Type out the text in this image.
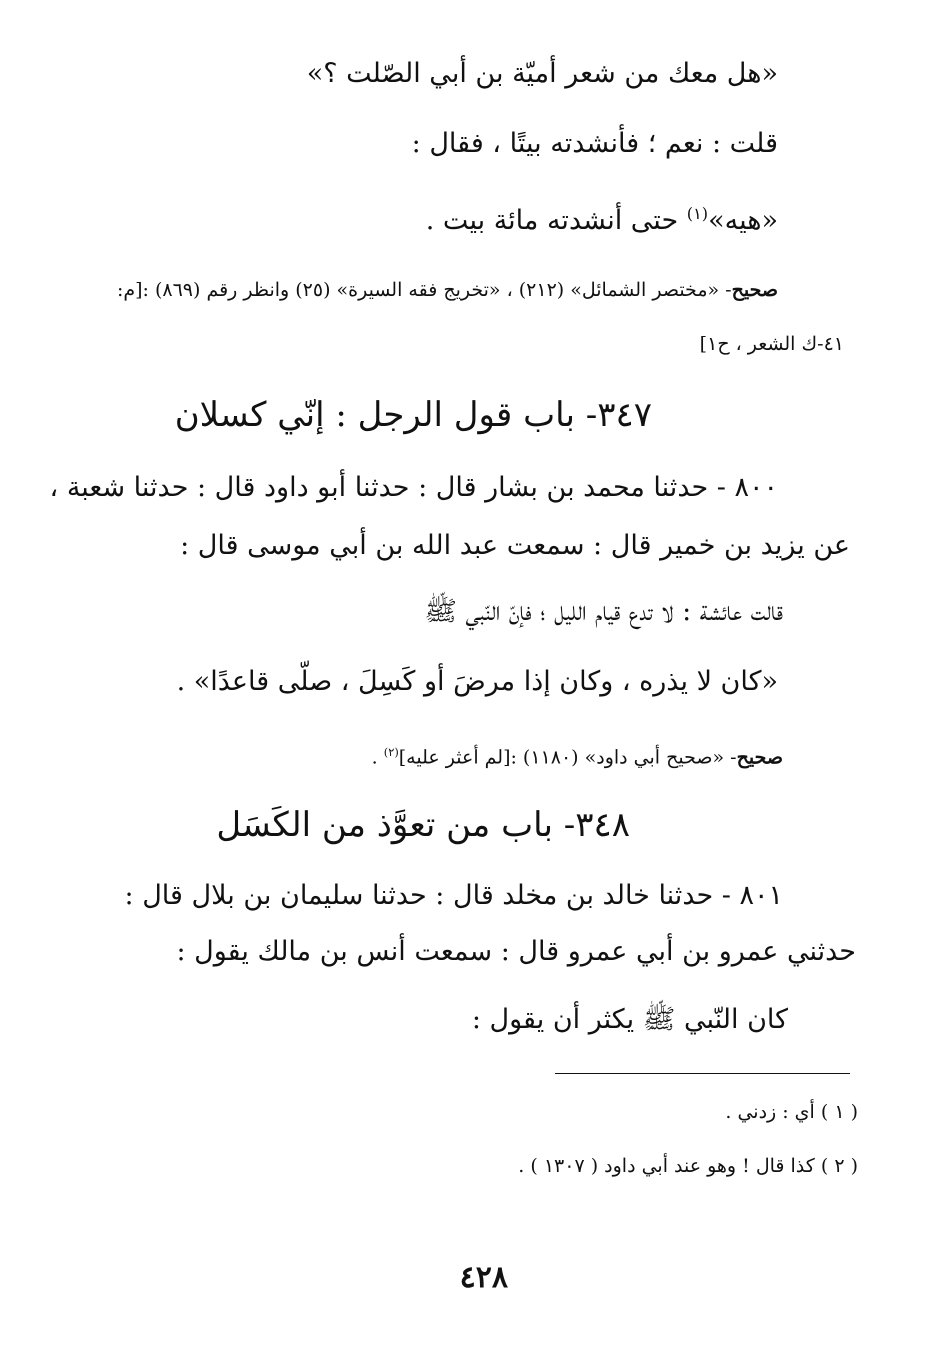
«هل معك من شعر أميّة بن أبي الصّلت ؟»
قلت : نعم ؛ فأنشدته بيتًا ، فقال :
«هيه»$^{(١)}$ حتى أنشدته مائة بيت .
صحيح- «مختصر الشمائل» (٢١٢) ، «تخريج فقه السيرة» (٢٥) وانظر رقم (٨٦٩) :[م:
٤١-ك الشعر ، ح١]
٣٤٧- باب قول الرجل : إنّي كسلان
٨٠٠ - حدثنا محمد بن بشار قال : حدثنا أبو داود قال : حدثنا شعبة ،
عن يزيد بن خمير قال : سمعت عبد الله بن أبي موسى قال :
قالت عائشة : لا تدع قيام الليل ؛ فإنّ النّبي ﷺ
«كان لا يذره ، وكان إذا مرضَ أو كَسِلَ ، صلّى قاعدًا» .
صحيح- «صحيح أبي داود» (١١٨٠) :[لم أعثر عليه]$^{(٢)}$ .
٣٤٨- باب من تعوَّذ من الكَسَل
٨٠١ - حدثنا خالد بن مخلد قال : حدثنا سليمان بن بلال قال :
حدثني عمرو بن أبي عمرو قال : سمعت أنس بن مالك يقول :
كان النّبي ﷺ يكثر أن يقول :
( ١ ) أي : زدني .
( ٢ ) كذا قال ! وهو عند أبي داود ( ١٣٠٧ ) .
٤٢٨
